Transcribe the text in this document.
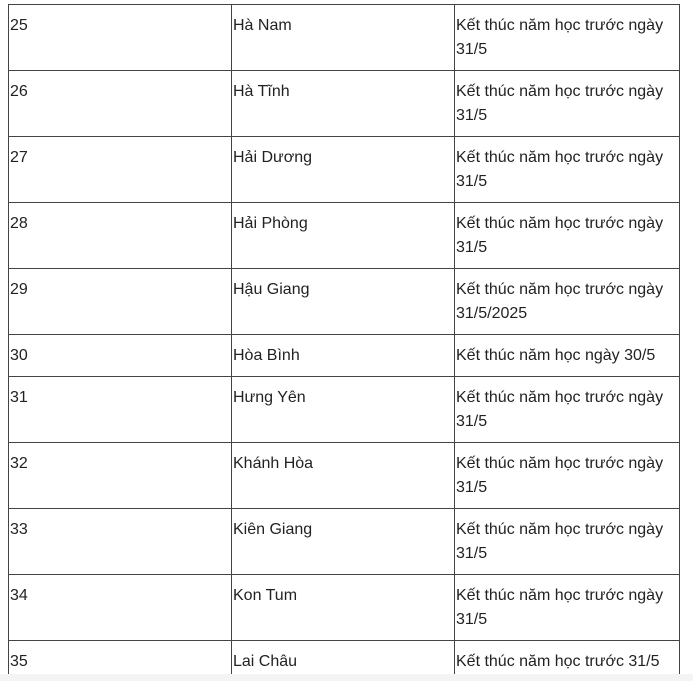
25	Hà Nam	Kết thúc năm học trước ngày 31/5
26	Hà Tĩnh	Kết thúc năm học trước ngày 31/5
27	Hải Dương	Kết thúc năm học trước ngày 31/5
28	Hải Phòng	Kết thúc năm học trước ngày 31/5
29	Hậu Giang	Kết thúc năm học trước ngày 31/5/2025
30	Hòa Bình	Kết thúc năm học ngày 30/5
31	Hưng Yên	Kết thúc năm học trước ngày 31/5
32	Khánh Hòa	Kết thúc năm học trước ngày 31/5
33	Kiên Giang	Kết thúc năm học trước ngày 31/5
34	Kon Tum	Kết thúc năm học trước ngày 31/5
35	Lai Châu	Kết thúc năm học trước 31/5
